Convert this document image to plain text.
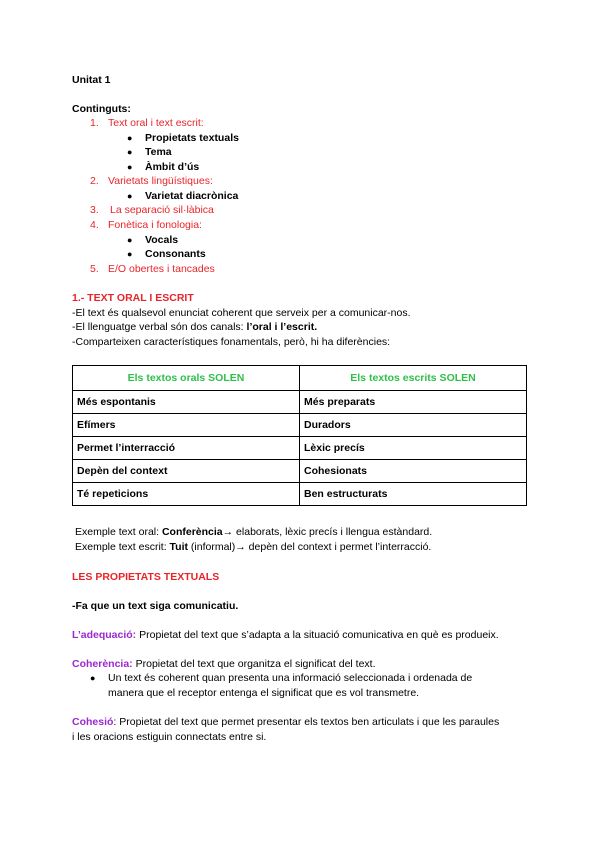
Unitat 1
Continguts:
1. Text oral i text escrit:
● Propietats textuals
● Tema
● Àmbit d’ús
2. Varietats lingüístiques:
● Varietat diacrònica
3. La separació sil·làbica
4. Fonètica i fonologia:
● Vocals
● Consonants
5. E/O obertes i tancades
1.- TEXT ORAL I ESCRIT
-El text és qualsevol enunciat coherent que serveix per a comunicar-nos.
-El llenguatge verbal són dos canals: l’oral i l’escrit.
-Comparteixen característiques fonamentals, però, hi ha diferències:
Els textos orals SOLEN	Els textos escrits SOLEN
Més espontanis	Més preparats
Efímers	Duradors
Permet l’interracció	Lèxic precís
Depèn del context	Cohesionats
Té repeticions	Ben estructurats
Exemple text oral: Conferència→ elaborats, lèxic precís i llengua estàndard.
Exemple text escrit: Tuit (informal)→ depèn del context i permet l’interracció.
LES PROPIETATS TEXTUALS
-Fa que un text siga comunicatiu.
L’adequació: Propietat del text que s’adapta a la situació comunicativa en què es produeix.
Coherència: Propietat del text que organitza el significat del text.
● Un text és coherent quan presenta una informació seleccionada i ordenada de
manera que el receptor entenga el significat que es vol transmetre.
Cohesió: Propietat del text que permet presentar els textos ben articulats i que les paraules
i les oracions estiguin connectats entre si.
